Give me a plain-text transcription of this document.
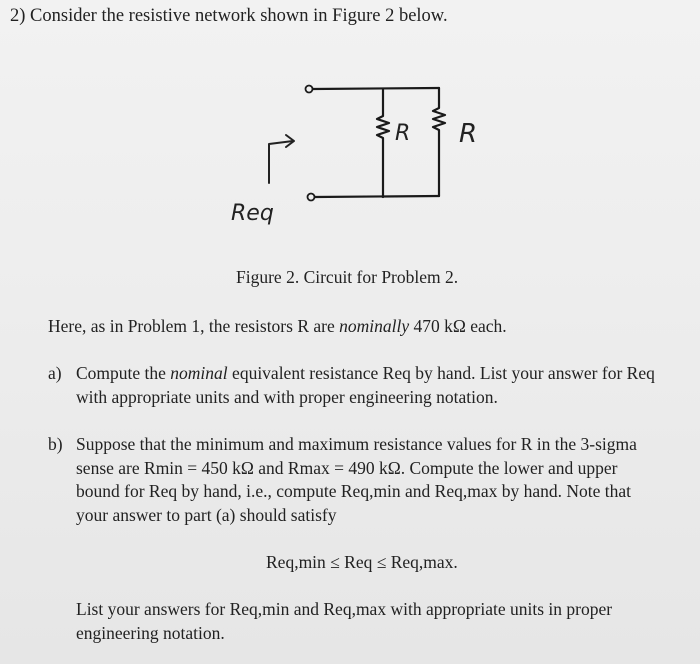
2) Consider the resistive network shown in Figure 2 below.
R R
Req
Figure 2. Circuit for Problem 2.
Here, as in Problem 1, the resistors R are nominally 470 kΩ each.
a) Compute the nominal equivalent resistance Req by hand. List your answer for Req with appropriate units and with proper engineering notation.
b) Suppose that the minimum and maximum resistance values for R in the 3-sigma sense are Rmin = 450 kΩ and Rmax = 490 kΩ. Compute the lower and upper bound for Req by hand, i.e., compute Req,min and Req,max by hand. Note that your answer to part (a) should satisfy
Req,min ≤ Req ≤ Req,max.
List your answers for Req,min and Req,max with appropriate units in proper engineering notation.
